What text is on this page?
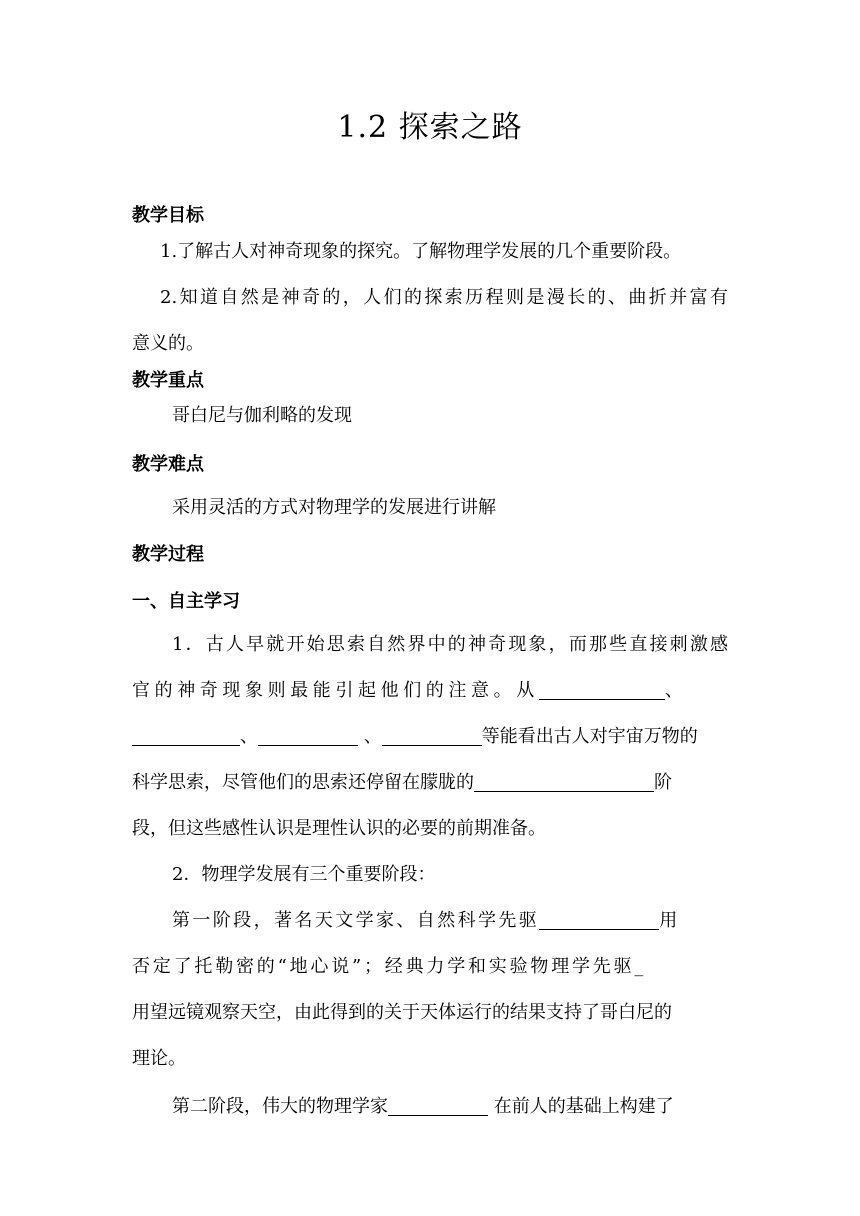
1.2 探索之路
教学目标
1.了解古人对神奇现象的探究。了解物理学发展的几个重要阶段。
2.知道自然是神奇的，人们的探索历程则是漫长的、曲折并富有
意义的。
教学重点
哥白尼与伽利略的发现
教学难点
采用灵活的方式对物理学的发展进行讲解
教学过程
一、自主学习
1．古人早就开始思索自然界中的神奇现象，而那些直接刺激感
官的神奇现象则最能引起他们的注意。从	、
、	、	等能看出古人对宇宙万物的
科学思索，尽管他们的思索还停留在朦胧的	阶
段，但这些感性认识是理性认识的必要的前期准备。
2．物理学发展有三个重要阶段：
第一阶段，著名天文学家、自然科学先驱	用
否定了托勒密的“地心说”；经典力学和实验物理学先驱_
用望远镜观察天空，由此得到的关于天体运行的结果支持了哥白尼的
理论。
第二阶段，伟大的物理学家	在前人的基础上构建了
